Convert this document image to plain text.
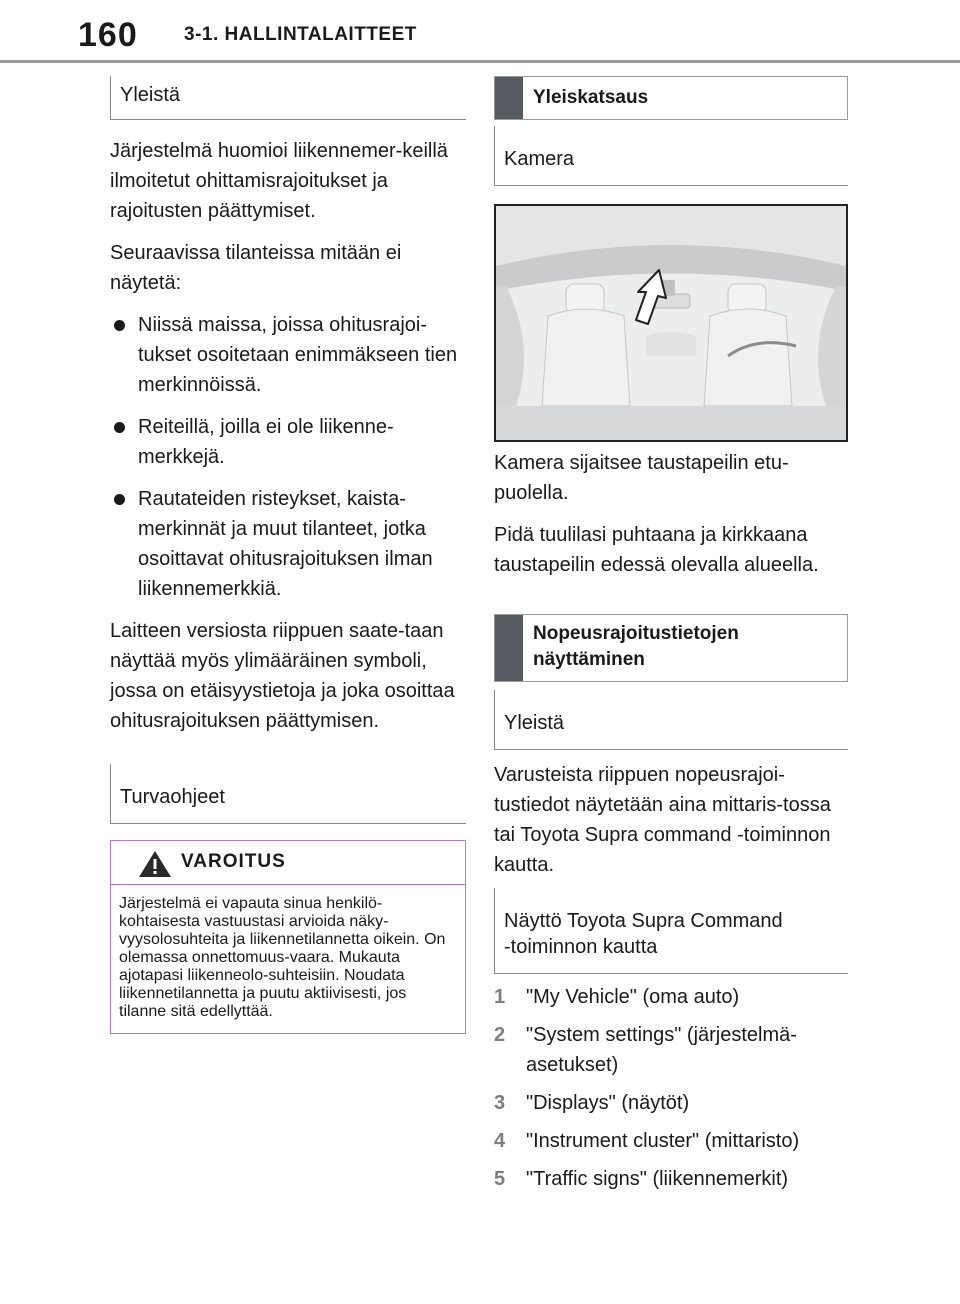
160 3-1. HALLINTALAITTEET
Yleistä

Järjestelmä huomioi liikennemer-keillä ilmoitetut ohittamisrajoitukset ja rajoitusten päättymiset.

Seuraavissa tilanteissa mitään ei näytetä:

Niissä maissa, joissa ohitusrajoi-tukset osoitetaan enimmäkseen tien merkinnöissä.
Reiteillä, joilla ei ole liikenne-merkkejä.
Rautateiden risteykset, kaista-merkinnät ja muut tilanteet, jotka osoittavat ohitusrajoituksen ilman liikennemerkkiä.

Laitteen versiosta riippuen saate-taan näyttää myös ylimääräinen symboli, jossa on etäisyystietoja ja joka osoittaa ohitusrajoituksen päättymisen.

Turvaohjeet
VAROITUS
Järjestelmä ei vapauta sinua henkilö-kohtaisesta vastuustasi arvioida näky-vyysolosuhteita ja liikennetilannetta oikein. On olemassa onnettomuus-vaara. Mukauta ajotapasi liikenneolo-suhteisiin. Noudata liikennetilannetta ja puutu aktiivisesti, jos tilanne sitä edellyttää.
Yleiskatsaus
Kamera

Kamera sijaitsee taustapeilin etu-puolella.

Pidä tuulilasi puhtaana ja kirkkaana taustapeilin edessä olevalla alueella.

Nopeusrajoitustietojen
näyttäminen
Yleistä

Varusteista riippuen nopeusrajoi-tustiedot näytetään aina mittaris-tossa tai Toyota Supra command -toiminnon kautta.

Näyttö Toyota Supra Command
-toiminnon kautta
1 "My Vehicle" (oma auto)
2 "System settings" (järjestelmä-asetukset)
3 "Displays" (näytöt)
4 "Instrument cluster" (mittaristo)
5 "Traffic signs" (liikennemerkit)
